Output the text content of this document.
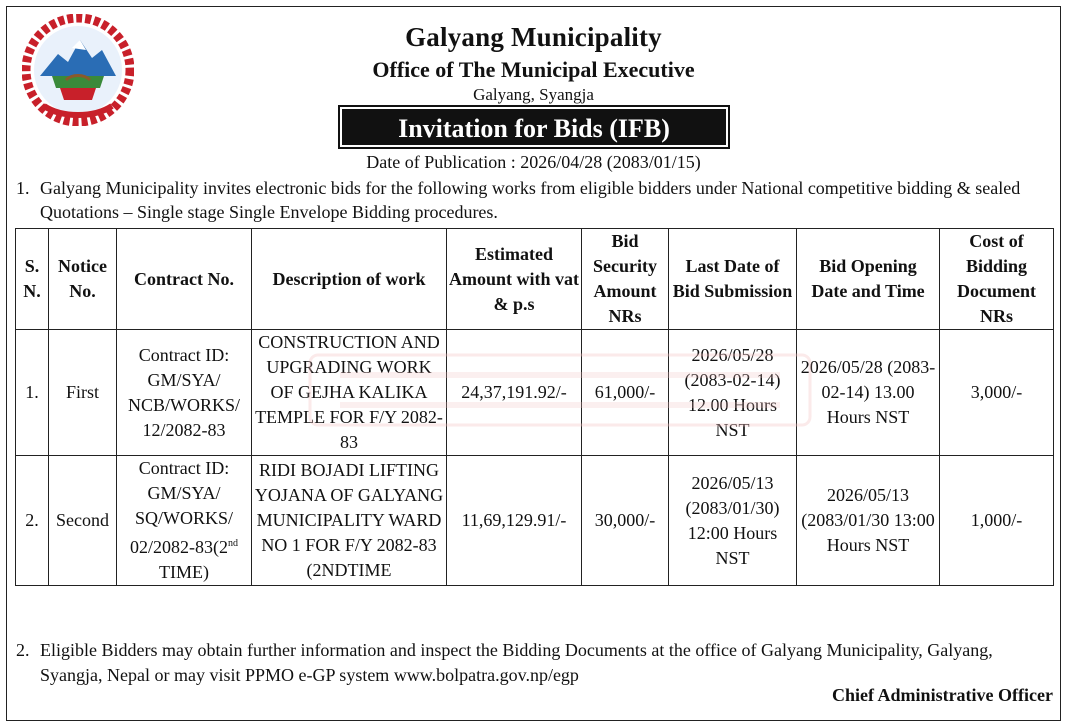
Galyang Municipality
Office of The Municipal Executive
Galyang, Syangja
Invitation for Bids (IFB)
Date of Publication : 2026/04/28 (2083/01/15)
1. Galyang Municipality invites electronic bids for the following works from eligible bidders under National competitive bidding & sealed Quotations – Single stage Single Envelope Bidding procedures.
S. N.	Notice No.	Contract No.	Description of work	Estimated Amount with vat & p.s	Bid Security Amount NRs	Last Date of Bid Submission	Bid Opening Date and Time	Cost of Bidding Document NRs
1.	First	Contract ID: GM/SYA/ NCB/WORKS/ 12/2082-83	CONSTRUCTION AND UPGRADING WORK OF GEJHA KALIKA TEMPLE FOR F/Y 2082-83	24,37,191.92/-	61,000/-	2026/05/28 (2083-02-14) 12.00 Hours NST	2026/05/28 (2083-02-14) 13.00 Hours NST	3,000/-
2.	Second	Contract ID: GM/SYA/ SQ/WORKS/ 02/2082-83(2nd TIME)	RIDI BOJADI LIFTING YOJANA OF GALYANG MUNICIPALITY WARD NO 1 FOR F/Y 2082-83 (2NDTIME	11,69,129.91/-	30,000/-	2026/05/13 (2083/01/30) 12:00 Hours NST	2026/05/13 (2083/01/30 13:00 Hours NST	1,000/-
2. Eligible Bidders may obtain further information and inspect the Bidding Documents at the office of Galyang Municipality, Galyang, Syangja, Nepal or may visit PPMO e-GP system www.bolpatra.gov.np/egp
Chief Administrative Officer
